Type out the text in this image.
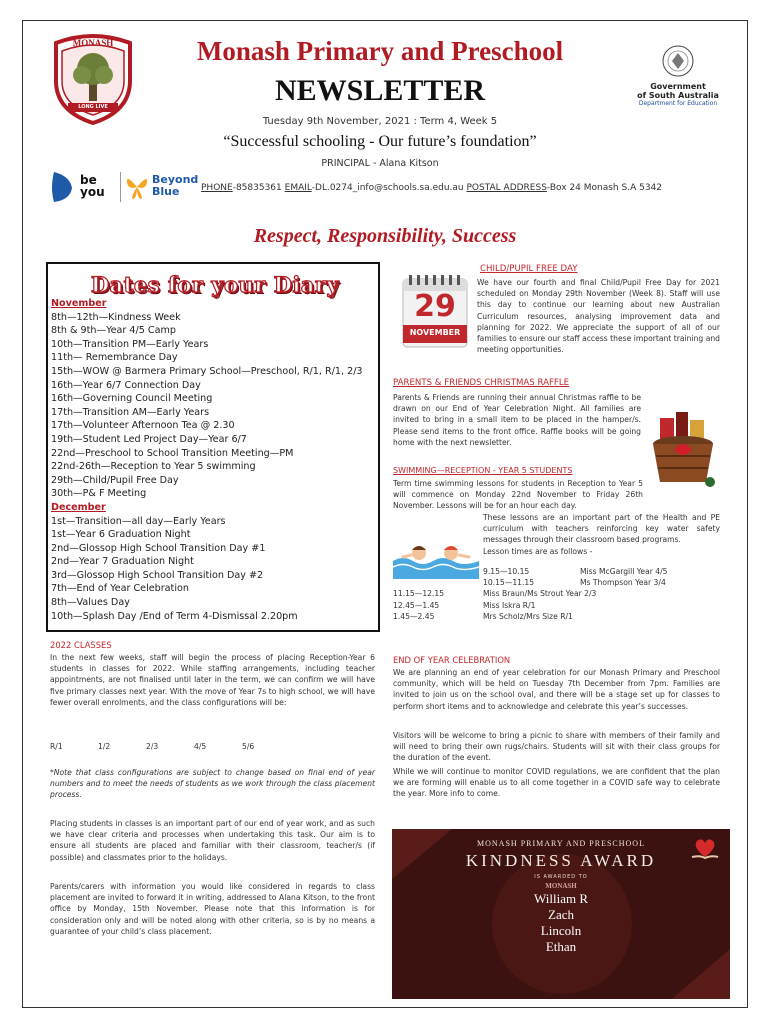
MONASH
LONG LIVE
Monash Primary and Preschool
NEWSLETTER
Tuesday 9th November, 2021 : Term 4, Week 5
“Successful schooling - Our future’s foundation”
PRINCIPAL - Alana Kitson
Government
of South Australia
Department for Education
be you
Beyond
Blue PHONE-85835361 EMAIL-DL.0274_info@schools.sa.edu.au POSTAL ADDRESS-Box 24 Monash S.A 5342
Respect, Responsibility, Success
Dates for your Diary
November
8th—12th—Kindness Week
8th & 9th—Year 4/5 Camp
10th—Transition PM—Early Years
11th— Remembrance Day
15th—WOW @ Barmera Primary School—Preschool, R/1, R/1, 2/3
16th—Year 6/7 Connection Day
16th—Governing Council Meeting
17th—Transition AM—Early Years
17th—Volunteer Afternoon Tea @ 2.30
19th—Student Led Project Day—Year 6/7
22nd—Preschool to School Transition Meeting—PM
22nd-26th—Reception to Year 5 swimming
29th—Child/Pupil Free Day
30th—P& F Meeting
December
1st—Transition—all day—Early Years
1st—Year 6 Graduation Night
2nd—Glossop High School Transition Day #1
2nd—Year 7 Graduation Night
3rd—Glossop High School Transition Day #2
7th—End of Year Celebration
8th—Values Day
10th—Splash Day /End of Term 4-Dismissal 2.20pm
CHILD/PUPIL FREE DAY
29
NOVEMBER
We have our fourth and final Child/Pupil Free Day for 2021 scheduled on Monday 29th November (Week 8). Staff will use this day to continue our learning about new Australian Curriculum resources, analysing improvement data and planning for 2022. We appreciate the support of all of our families to ensure our staff access these important training and meeting opportunities.
PARENTS & FRIENDS CHRISTMAS RAFFLE
Parents & Friends are running their annual Christmas raffle to be drawn on our End of Year Celebration Night. All families are invited to bring in a small item to be placed in the hamper/s. Please send items to the front office. Raffle books will be going home with the next newsletter.
SWIMMING—RECEPTION - YEAR 5 STUDENTS
Term time swimming lessons for students in Reception to Year 5 will commence on Monday 22nd November to Friday 26th November. Lessons will be for an hour each day.
These lessons are an important part of the Health and PE curriculum with teachers reinforcing key water safety messages through their classroom based programs.
Lesson times are as follows -
9.15—10.15	Miss McGargill Year 4/5
10.15—11.15	Ms Thompson Year 3/4
11.15—12.15	Miss Braun/Ms Strout Year 2/3
12.45—1.45	Miss Iskra R/1
1.45—2.45	Mrs Scholz/Mrs Size R/1
2022 CLASSES
In the next few weeks, staff will begin the process of placing Reception-Year 6 students in classes for 2022. While staffing arrangements, including teacher appointments, are not finalised until later in the term, we can confirm we will have five primary classes next year. With the move of Year 7s to high school, we will have fewer overall enrolments, and the class configurations will be:
R/1	1/2	2/3	4/5	5/6
*Note that class configurations are subject to change based on final end of year numbers and to meet the needs of students as we work through the class placement process.
Placing students in classes is an important part of our end of year work, and as such we have clear criteria and processes when undertaking this task. Our aim is to ensure all students are placed and familiar with their classroom, teacher/s (if possible) and classmates prior to the holidays.
Parents/carers with information you would like considered in regards to class placement are invited to forward it in writing, addressed to Alana Kitson, to the front office by Monday, 15th November. Please note that this information is for consideration only and will be noted along with other criteria, so is by no means a guarantee of your child’s class placement.
END OF YEAR CELEBRATION
We are planning an end of year celebration for our Monash Primary and Preschool community, which will be held on Tuesday 7th December from 7pm. Families are invited to join us on the school oval, and there will be a stage set up for classes to perform short items and to acknowledge and celebrate this year’s successes.
Visitors will be welcome to bring a picnic to share with members of their family and will need to bring their own rugs/chairs. Students will sit with their class groups for the duration of the event.
While we will continue to monitor COVID regulations, we are confident that the plan we are forming will enable us to all come together in a COVID safe way to celebrate the year. More info to come.
MONASH PRIMARY AND PRESCHOOL
KINDNESS AWARD
IS AWARDED TO
MONASH
William R
Zach
Lincoln
Ethan
